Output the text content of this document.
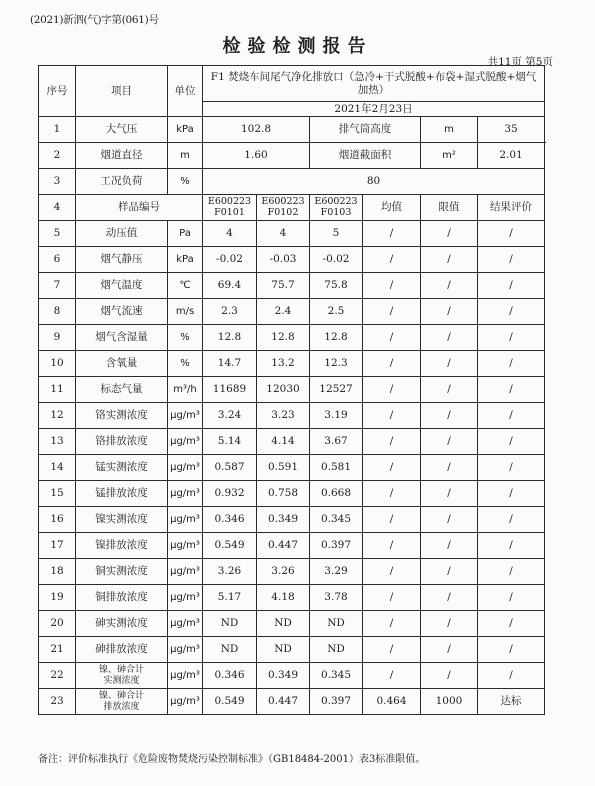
(2021)新泗(气)字第(061)号
检验检测报告
共11页 第5页
序号	项目	单位	F1 焚烧车间尾气净化排放口（急冷+干式脱酸+布袋+湿式脱酸+烟气加热）					
			2021年2月23日					
1	大气压	kPa	102.8		排气筒高度		m	35
2	烟道直径	m	1.60		烟道截面积		m²	2.01
3	工况负荷	%	80					
4	样品编号		E600223
F0101	E600223
F0102	E600223
F0103	均值	限值	结果评价
5	动压值	Pa	4	4	5	/	/	/
6	烟气静压	kPa	-0.02	-0.03	-0.02	/	/	/
7	烟气温度	℃	69.4	75.7	75.8	/	/	/
8	烟气流速	m/s	2.3	2.4	2.5	/	/	/
9	烟气含湿量	%	12.8	12.8	12.8	/	/	/
10	含氧量	%	14.7	13.2	12.3	/	/	/
11	标态气量	m³/h	11689	12030	12527	/	/	/
12	铬实测浓度	μg/m³	3.24	3.23	3.19	/	/	/
13	铬排放浓度	μg/m³	5.14	4.14	3.67	/	/	/
14	锰实测浓度	μg/m³	0.587	0.591	0.581	/	/	/
15	锰排放浓度	μg/m³	0.932	0.758	0.668	/	/	/
16	镍实测浓度	μg/m³	0.346	0.349	0.345	/	/	/
17	镍排放浓度	μg/m³	0.549	0.447	0.397	/	/	/
18	铜实测浓度	μg/m³	3.26	3.26	3.29	/	/	/
19	铜排放浓度	μg/m³	5.17	4.18	3.78	/	/	/
20	砷实测浓度	μg/m³	ND	ND	ND	/	/	/
21	砷排放浓度	μg/m³	ND	ND	ND	/	/	/
22	镍、砷合计
实测浓度	μg/m³	0.346	0.349	0.345	/	/	/
23	镍、砷合计
排放浓度	μg/m³	0.549	0.447	0.397	0.464	1000	达标
备注：评价标准执行《危险废物焚烧污染控制标准》（GB18484-2001）表3标准限值。
